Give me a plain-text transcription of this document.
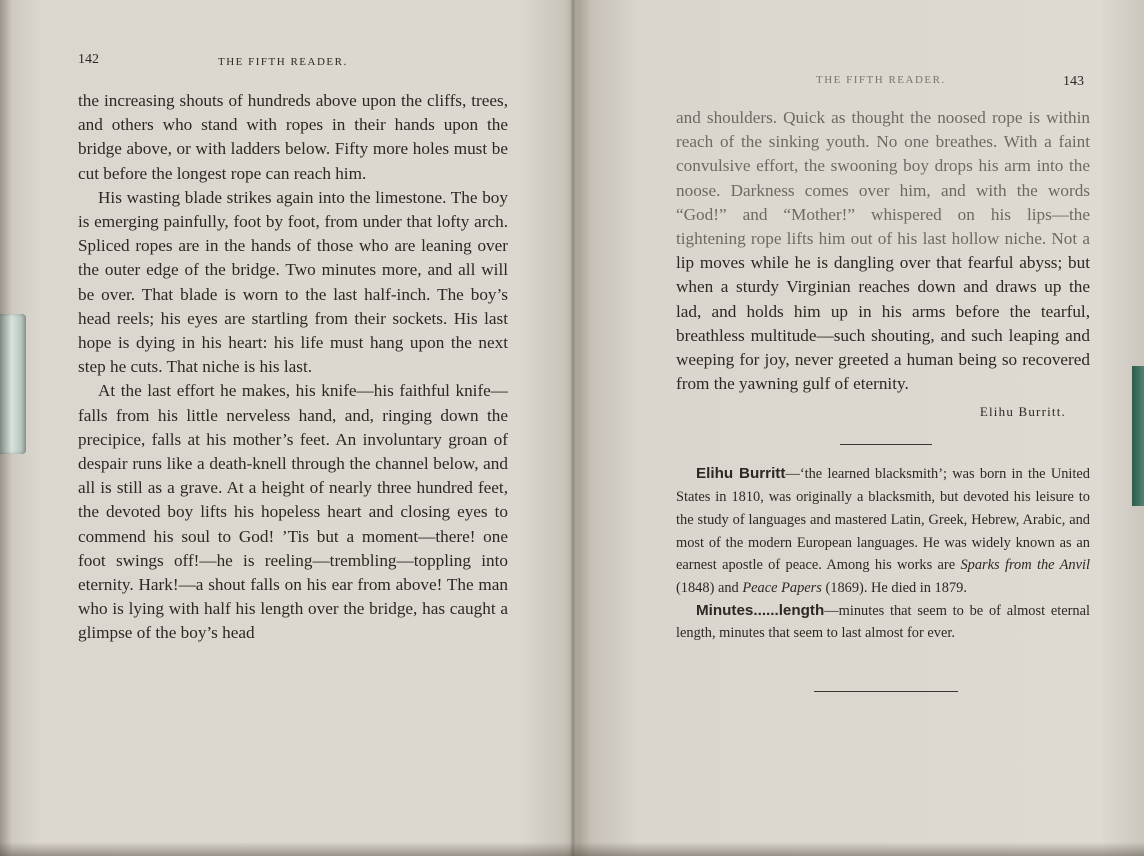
142	THE FIFTH READER.

the increasing shouts of hundreds above upon the cliffs, trees, and others who stand with ropes in their hands upon the bridge above, or with ladders below. Fifty more holes must be cut before the longest rope can reach him.

His wasting blade strikes again into the limestone. The boy is emerging painfully, foot by foot, from under that lofty arch. Spliced ropes are in the hands of those who are leaning over the outer edge of the bridge. Two minutes more, and all will be over. That blade is worn to the last half-inch. The boy’s head reels; his eyes are startling from their sockets. His last hope is dying in his heart: his life must hang upon the next step he cuts. That niche is his last.

At the last effort he makes, his knife—his faithful knife—falls from his little nerveless hand, and, ringing down the precipice, falls at his mother’s feet. An involuntary groan of despair runs like a death-knell through the channel below, and all is still as a grave. At a height of nearly three hundred feet, the devoted boy lifts his hopeless heart and closing eyes to commend his soul to God! ’Tis but a moment—there! one foot swings off!—he is reeling—trembling—toppling into eternity. Hark!—a shout falls on his ear from above! The man who is lying with half his length over the bridge, has caught a glimpse of the boy’s head

THE FIFTH READER.	143

and shoulders. Quick as thought the noosed rope is within reach of the sinking youth. No one breathes. With a faint convulsive effort, the swooning boy drops his arm into the noose. Darkness comes over him, and with the words “God!” and “Mother!” whispered on his lips—the tightening rope lifts him out of his last hollow niche. Not a lip moves while he is dangling over that fearful abyss; but when a sturdy Virginian reaches down and draws up the lad, and holds him up in his arms before the tearful, breathless multitude—such shouting, and such leaping and weeping for joy, never greeted a human being so recovered from the yawning gulf of eternity.

Elihu Burritt.

Elihu Burritt—‘the learned blacksmith’; was born in the United States in 1810, was originally a blacksmith, but devoted his leisure to the study of languages and mastered Latin, Greek, Hebrew, Arabic, and most of the modern European languages. He was widely known as an earnest apostle of peace. Among his works are Sparks from the Anvil (1848) and Peace Papers (1869). He died in 1879.

Minutes......length—minutes that seem to be of almost eternal length, minutes that seem to last almost for ever.
